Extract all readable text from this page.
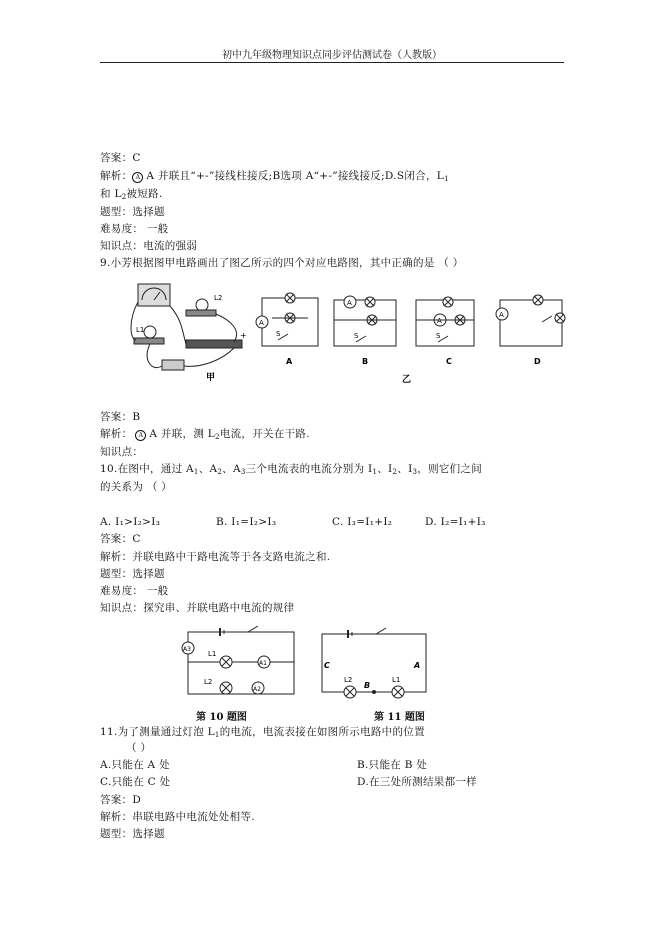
初中九年级物理知识点同步评估测试卷（人教版）
答案：C
解析： A A 并联且“+-”接线柱接反;B选项 A“+-”接线接反;D.S闭合，$L_1$
和 $L_2$被短路.
题型：选择题
难易度： 一般
知识点：电流的强弱
9.小芳根据图甲电路画出了图乙所示的四个对应电路图，其中正确的是 （ ）
L2
L1
+
甲
A
S
A
A
S
B
A
S
C
A
D
乙
答案：B
解析： A A 并联，测 $L_2$电流，开关在干路.
知识点：
10.在图中，通过 $A_1$、$A_2$、$A_3$三个电流表的电流分别为 $I_1$、$I_2$、$I_3$，则它们之间
的关系为 （ ）
A. I₁>I₂>I₃	B. I₁=I₂>I₃	C. I₃=I₁+I₂	D. I₂=I₁+I₃
答案：C
解析：并联电路中干路电流等于各支路电流之和.
题型：选择题
难易度： 一般
知识点：探究串、并联电路中电流的规律
A3
L1
A1
L2
A2
第 10 题图
L2	L1
C
B
A
第 11 题图
11.为了测量通过灯泡 $L_1$的电流，电流表接在如图所示电路中的位置
（ ）
A.只能在 A 处	B.只能在 B 处
C.只能在 C 处	D.在三处所测结果都一样
答案：D
解析：串联电路中电流处处相等.
题型：选择题
